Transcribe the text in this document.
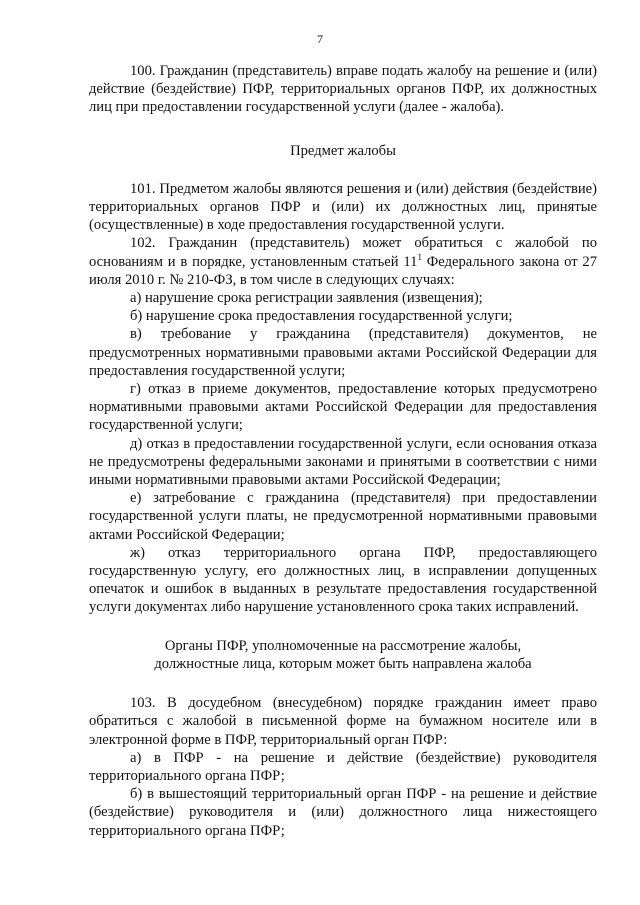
7

100. Гражданин (представитель) вправе подать жалобу на решение и (или) действие (бездействие) ПФР, территориальных органов ПФР, их должностных лиц при предоставлении государственной услуги (далее - жалоба).

Предмет жалобы

101. Предметом жалобы являются решения и (или) действия (бездействие) территориальных органов ПФР и (или) их должностных лиц, принятые (осуществленные) в ходе предоставления государственной услуги.

102. Гражданин (представитель) может обратиться с жалобой по основаниям и в порядке, установленным статьей $11^1$ Федерального закона от 27 июля 2010 г. № 210-ФЗ, в том числе в следующих случаях:

а) нарушение срока регистрации заявления (извещения);

б) нарушение срока предоставления государственной услуги;

в) требование у гражданина (представителя) документов, не предусмотренных нормативными правовыми актами Российской Федерации для предоставления государственной услуги;

г) отказ в приеме документов, предоставление которых предусмотрено нормативными правовыми актами Российской Федерации для предоставления государственной услуги;

д) отказ в предоставлении государственной услуги, если основания отказа не предусмотрены федеральными законами и принятыми в соответствии с ними иными нормативными правовыми актами Российской Федерации;

е) затребование с гражданина (представителя) при предоставлении государственной услуги платы, не предусмотренной нормативными правовыми актами Российской Федерации;

ж) отказ территориального органа ПФР, предоставляющего государственную услугу, его должностных лиц, в исправлении допущенных опечаток и ошибок в выданных в результате предоставления государственной услуги документах либо нарушение установленного срока таких исправлений.

Органы ПФР, уполномоченные на рассмотрение жалобы,
должностные лица, которым может быть направлена жалоба

103. В досудебном (внесудебном) порядке гражданин имеет право обратиться с жалобой в письменной форме на бумажном носителе или в электронной форме в ПФР, территориальный орган ПФР:

а) в ПФР - на решение и действие (бездействие) руководителя территориального органа ПФР;

б) в вышестоящий территориальный орган ПФР - на решение и действие (бездействие) руководителя и (или) должностного лица нижестоящего территориального органа ПФР;
